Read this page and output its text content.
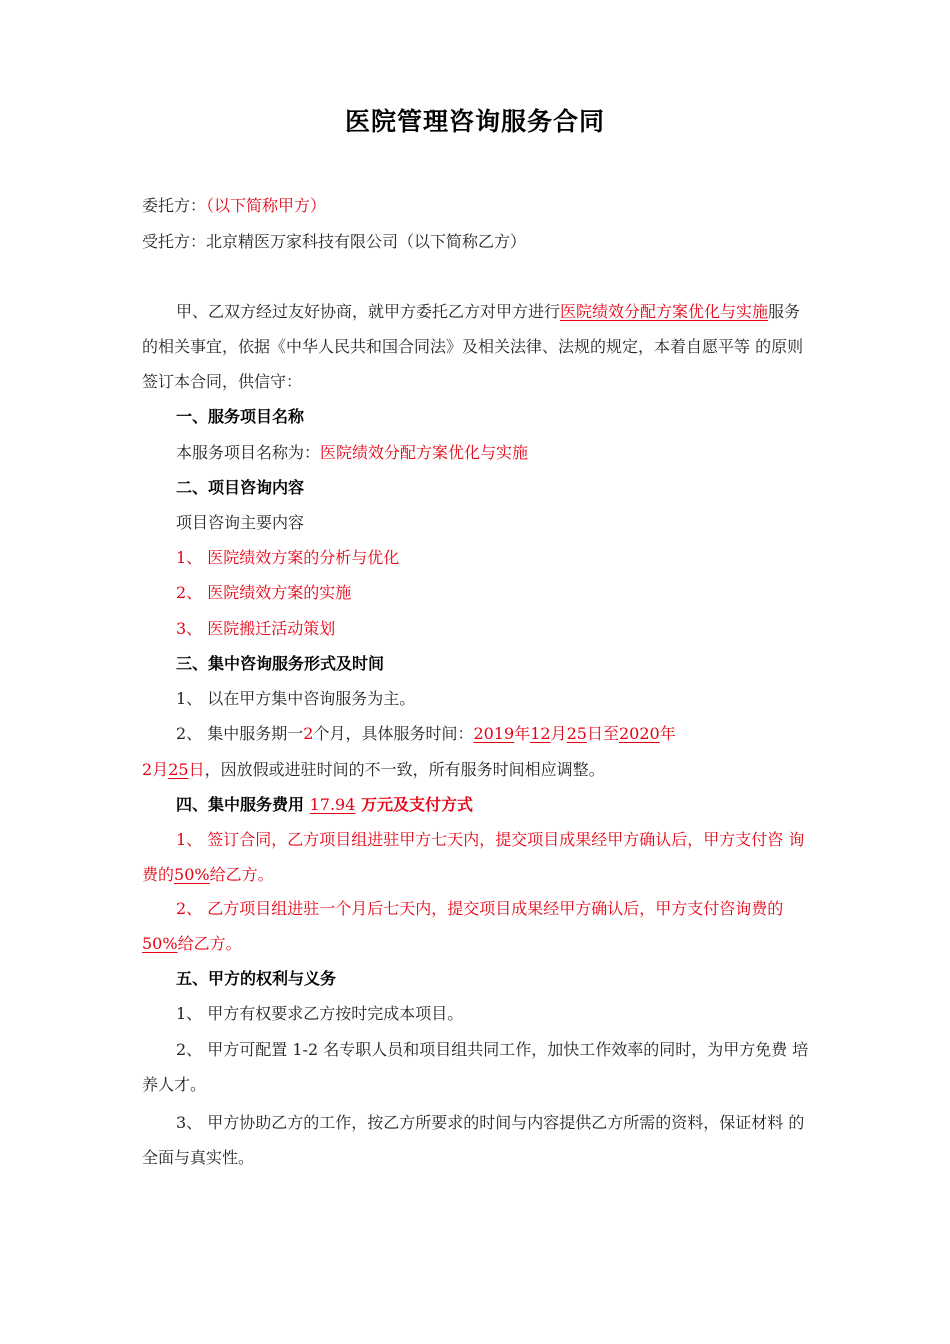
医院管理咨询服务合同
委托方：（以下简称甲方）
受托方：北京精医万家科技有限公司（以下简称乙方）
甲、乙双方经过友好协商，就甲方委托乙方对甲方进行医院绩效分配方案优化与实施服务
的相关事宜，依据《中华人民共和国合同法》及相关法律、法规的规定，本着自愿平等 的原则
签订本合同，供信守：
一、服务项目名称
本服务项目名称为：医院绩效分配方案优化与实施
二、项目咨询内容
项目咨询主要内容
1、 医院绩效方案的分析与优化
2、 医院绩效方案的实施
3、 医院搬迁活动策划
三、集中咨询服务形式及时间
1、 以在甲方集中咨询服务为主。
2、 集中服务期一2个月，具体服务时间：2019年12月25日至2020年
2月25日，因放假或进驻时间的不一致，所有服务时间相应调整。
四、集中服务费用 17.94 万元及支付方式
1、 签订合同，乙方项目组进驻甲方七天内，提交项目成果经甲方确认后，甲方支付咨 询
费的50%给乙方。
2、 乙方项目组进驻一个月后七天内，提交项目成果经甲方确认后，甲方支付咨询费的
50%给乙方。
五、甲方的权利与义务
1、 甲方有权要求乙方按时完成本项目。
2、 甲方可配置 1-2 名专职人员和项目组共同工作，加快工作效率的同时，为甲方免费 培
养人才。
3、 甲方协助乙方的工作，按乙方所要求的时间与内容提供乙方所需的资料，保证材料 的
全面与真实性。
